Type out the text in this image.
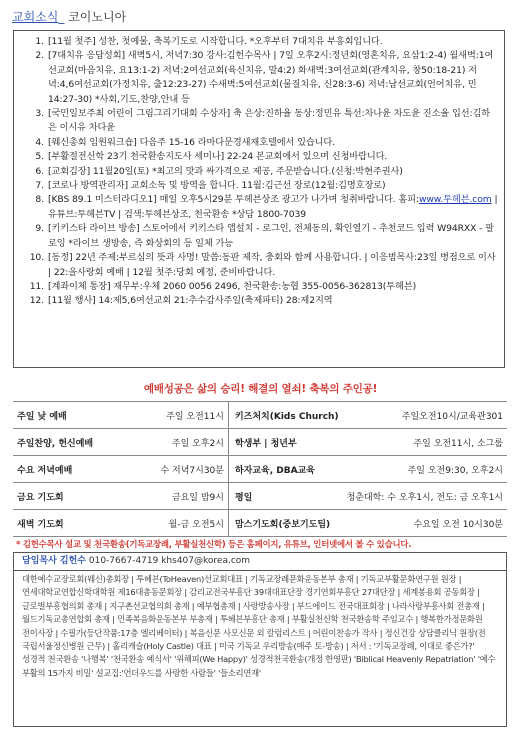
교회소식_ 코이노니아
1. [11월 첫주] 성찬, 첫예물, 축복기도로 시작합니다. *오후부터 7대치유 부흥회입니다.
2. [7대치유 응답성회] 새벽5시, 저녁7:30 강사:김헌수목사 | 7일 오후2시:정년회(영혼치유, 요삼1:2-4) 월새벽:1여선교회(마음치유, 요13:1-2) 저녁:2여선교회(육신치유, 말4:2) 화새벽:3여선교회(관계치유, 창50:18-21) 저녁:4,6여선교회(가정치유, 출12:23-27) 수새벽:5여선교회(물질치유, 신28:3-6) 저녁:남선교회(언어치유, 민14:27-30) *사회,기도,찬양,안내 등
3. [국민일보주최 어린이 그림그리기대회 수상자] 축 은상:진하율 동상:정민유 특선:차나윤 차도윤 진소율 입선:김하은 이시유 차다윤
4. [웨신총회 임원워크숍] 다음주 15-16 라마다문경새재호텔에서 있습니다.
5. [부활절전신학 23기 천국환송지도사 세미나] 22-24 본교회에서 있으며 신청바랍니다.
6. [교회김장] 11월20일(토) *최고의 맛과 싸가격으로 제공, 주문받습니다.(신청:박현주권사)
7. [코로나 방역관리자] 교회소독 및 방역을 합니다. 11월:김근선 장로(12월:김명호장로)
8. [KBS 89.1 미스터라디오1] 매일 오후5시29분 투헤븐상조 광고가 나가며 청취바랍니다. 홈피:www.투헤븐.com | 유튜브:투헤븐TV | 검색:투헤븐상조, 천국환송 *상담 1800-7039
9. [키키스타 라이브 방송] 스토어에서 키키스타 앱설치 - 로그인, 전체동의, 확인열기 - 추천코드 입력 W94RXX - 팔로잉 *라이브 생방송, 즉 화상회의 등 일체 가능
10. [동정] 22년 주제:부르심의 뜻과 사명! 말씀:동판 제작, 충회와 함께 사용합니다. | 이응범목사:23일 병점으로 이사 | 22:을사랑회 예배 | 12월 첫주:당회 예정, 준비바랍니다.
11. [계좌이체 통장] 재무부:우체 2060 0056 2496, 천국환송:농협 355-0056-362813(투헤븐)
12. [11월 행사] 14:제5,6여선교회 21:추수감사주일(축제파티) 28:제2지역
예배성공은 삶의 승리! 해결의 열쇠! 축복의 주인공!
주일 낮 예배	주일 오전11시	키즈처치(Kids Church)	주일오전10시/교육관301
주일찬양, 헌신예배	주일 오후2시	학생부 | 청년부	주일 오전11시, 소그룹
수요 저녁예배	수 저녁7시30분	하자교육, DBA교육	주일 오전9:30, 오후2시
금요 기도회	금요일 밤9시	평일	청춘대학: 수 오후1시, 전도: 금 오후1시
새벽 기도회	월-금 오전5시	맘스기도회(중보기도팀)	수요일 오전 10시30분
* 김헌수목사 설교 및 천국환송(기독교장례, 부활실천신학) 등은 홈페이지, 유튜브, 인터넷에서 볼 수 있습니다.
담임목사 김헌수 010-7667-4719 khs407@korea.com
대한예수교장로회(웨신)총회장 | 투헤븐(ToHeaven)선교회대표 | 기독교장례문화운동본부 총재 | 기독교부활문화연구원 원장 | 연세대학교연합신학대학원 제16대총동문회장 | 감리교전국부흥단 39대대표단장 경기연회부흥단 27대단장 | 세계봉용회 공동회장 | 글로벌부흥협의회 총재 | 지구촌선교협의회 총재 | 예부협총재 | 사랑방송사장 | 부드에이드 전국대표회장 | 나라사랑부흥사회 전총재 | 월드기독교총연합회 총재 | 민족복음화운동본부 부총재 | 투헤븐부흥단 총재 | 부활실천신학 천국환송학 주임교수 | 행복한가정문화원 전이사장 | 수필가(등단작품:17층 엘리베이터) | 복음신문 사모신문 외 칼럼리스트 | 어린이찬송가 작사 | 정신건강 상담클리닉 원장(전 국립서울정신병원 근무) | 홀리캐슬(Holy Castle) 대표 | 미국 기독교 우리방송(매주 토-방송) | 저서 : '기독교장례, 이대로 좋은가?' 성경적 천국환송 '나행복' '천국환송 예식서' '위해피(We Happy)' 성경적천국환송(개정 한영판) 'Biblical Heavenly Repatriation' '예수 부활의 15가지 비밀' 설교집:'언더우드를 사랑한 사람들' '들소리연재'
